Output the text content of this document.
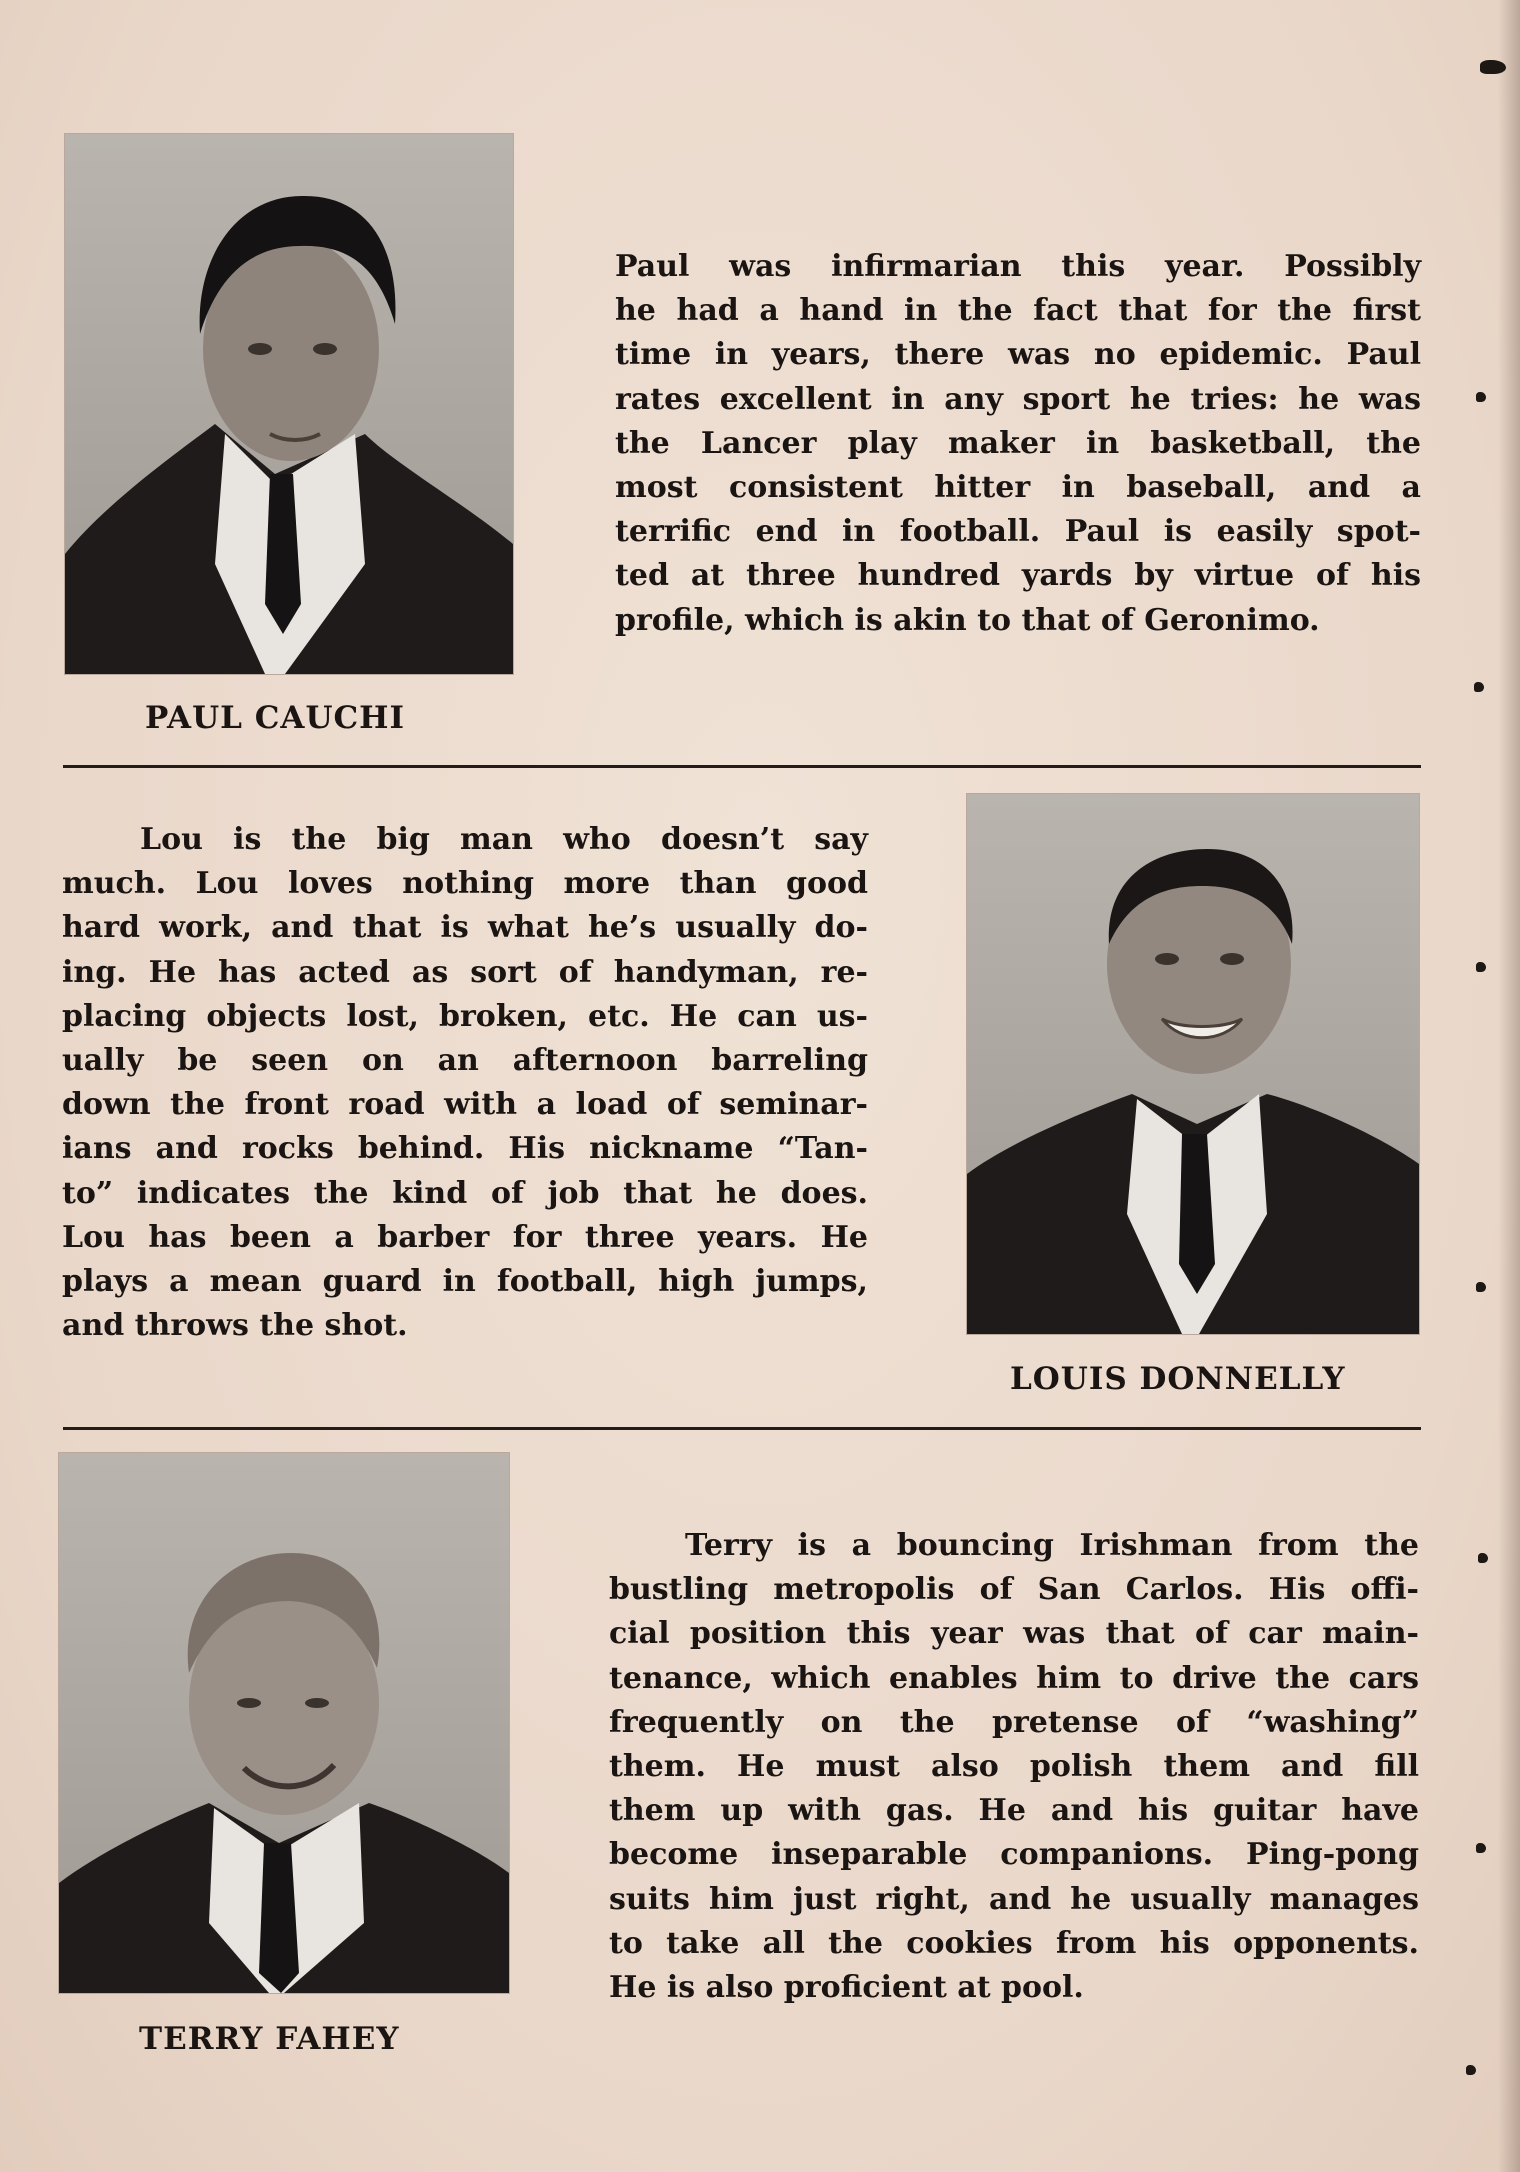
Paul was infirmarian this year. Possibly
he had a hand in the fact that for the first
time in years, there was no epidemic. Paul
rates excellent in any sport he tries: he was
the Lancer play maker in basketball, the
most consistent hitter in baseball, and a
terrific end in football. Paul is easily spot-
ted at three hundred yards by virtue of his
profile, which is akin to that of Geronimo.
PAUL CAUCHI
Lou is the big man who doesn’t say
much. Lou loves nothing more than good
hard work, and that is what he’s usually do-
ing. He has acted as sort of handyman, re-
placing objects lost, broken, etc. He can us-
ually be seen on an afternoon barreling
down the front road with a load of seminar-
ians and rocks behind. His nickname “Tan-
to” indicates the kind of job that he does.
Lou has been a barber for three years. He
plays a mean guard in football, high jumps,
and throws the shot.
LOUIS DONNELLY
Terry is a bouncing Irishman from the
bustling metropolis of San Carlos. His offi-
cial position this year was that of car main-
tenance, which enables him to drive the cars
frequently on the pretense of “washing”
them. He must also polish them and fill
them up with gas. He and his guitar have
become inseparable companions. Ping-pong
suits him just right, and he usually manages
to take all the cookies from his opponents.
He is also proficient at pool.
TERRY FAHEY
